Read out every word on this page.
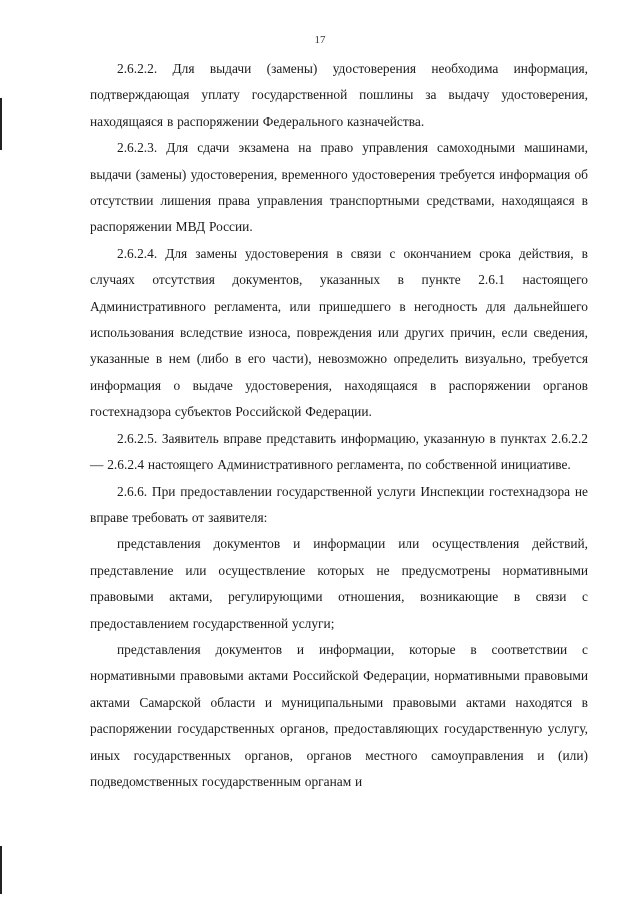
17

2.6.2.2. Для выдачи (замены) удостоверения необходима информация, подтверждающая уплату государственной пошлины за выдачу удостоверения, находящаяся в распоряжении Федерального казначейства.

2.6.2.3. Для сдачи экзамена на право управления самоходными машинами, выдачи (замены) удостоверения, временного удостоверения требуется информация об отсутствии лишения права управления транспортными средствами, находящаяся в распоряжении МВД России.

2.6.2.4. Для замены удостоверения в связи с окончанием срока действия, в случаях отсутствия документов, указанных в пункте 2.6.1 настоящего Административного регламента, или пришедшего в негодность для дальнейшего использования вследствие износа, повреждения или других причин, если сведения, указанные в нем (либо в его части), невозможно определить визуально, требуется информация о выдаче удостоверения, находящаяся в распоряжении органов гостехнадзора субъектов Российской Федерации.

2.6.2.5. Заявитель вправе представить информацию, указанную в пунктах 2.6.2.2 — 2.6.2.4 настоящего Административного регламента, по собственной инициативе.

2.6.6. При предоставлении государственной услуги Инспекции гостехнадзора не вправе требовать от заявителя:

представления документов и информации или осуществления действий, представление или осуществление которых не предусмотрены нормативными правовыми актами, регулирующими отношения, возникающие в связи с предоставлением государственной услуги;

представления документов и информации, которые в соответствии с нормативными правовыми актами Российской Федерации, нормативными правовыми актами Самарской области и муниципальными правовыми актами находятся в распоряжении государственных органов, предоставляющих государственную услугу, иных государственных органов, органов местного самоуправления и (или) подведомственных государственным органам и
